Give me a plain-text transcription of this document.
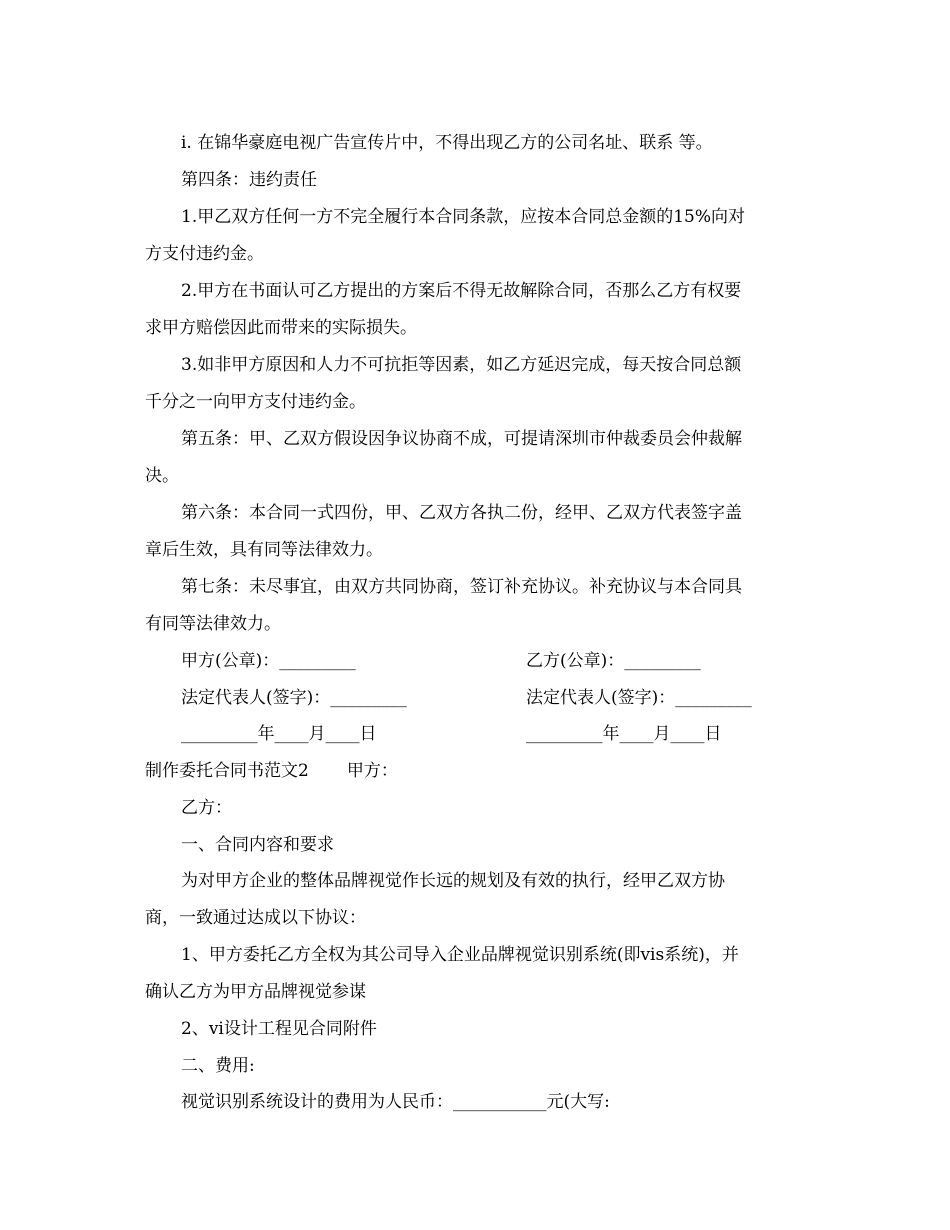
i. 在锦华豪庭电视广告宣传片中，不得出现乙方的公司名址、联系 等。
第四条：违约责任
1.甲乙双方任何一方不完全履行本合同条款，应按本合同总金额的15%向对
方支付违约金。
2.甲方在书面认可乙方提出的方案后不得无故解除合同，否那么乙方有权要
求甲方赔偿因此而带来的实际损失。
3.如非甲方原因和人力不可抗拒等因素，如乙方延迟完成，每天按合同总额
千分之一向甲方支付违约金。
第五条：甲、乙双方假设因争议协商不成，可提请深圳市仲裁委员会仲裁解
决。
第六条：本合同一式四份，甲、乙双方各执二份，经甲、乙双方代表签字盖
章后生效，具有同等法律效力。
第七条：未尽事宜，由双方共同协商，签订补充协议。补充协议与本合同具
有同等法律效力。
甲方(公章)：_________	乙方(公章)：_________
法定代表人(签字)：_________	法定代表人(签字)：_________
_________年____月____日	_________年____月____日
制作委托合同书范文2 甲方：
乙方：
一、合同内容和要求
为对甲方企业的整体品牌视觉作长远的规划及有效的执行，经甲乙双方协
商，一致通过达成以下协议：
1、甲方委托乙方全权为其公司导入企业品牌视觉识别系统(即vis系统)，并
确认乙方为甲方品牌视觉参谋
2、vi设计工程见合同附件
二、费用:
视觉识别系统设计的费用为人民币：___________元(大写:
